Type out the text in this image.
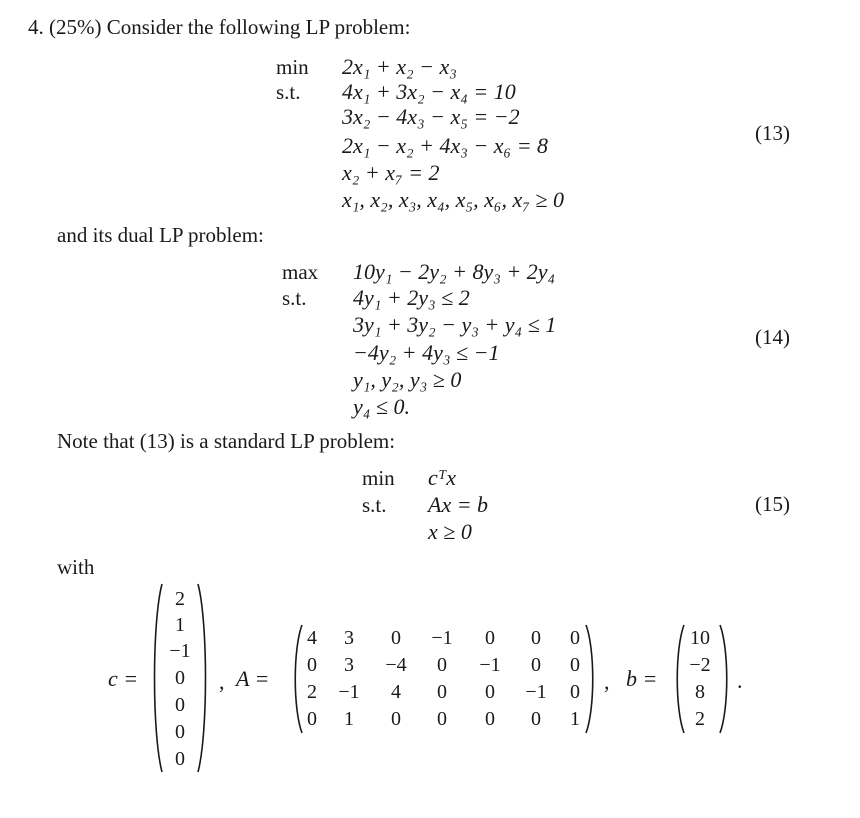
4. (25%) Consider the following LP problem:
min
s.t.
2x₁ + x₂ − x₃
4x₁ + 3x₂ − x₄ = 10
3x₂ − 4x₃ − x₅ = −2
2x₁ − x₂ + 4x₃ − x₆ = 8
x₂ + x₇ = 2
x₁, x₂, x₃, x₄, x₅, x₆, x₇ ≥ 0
(13)
and its dual LP problem:
max
s.t.
10y₁ − 2y₂ + 8y₃ + 2y₄
4y₁ + 2y₃ ≤ 2
3y₁ + 3y₂ − y₃ + y₄ ≤ 1
−4y₂ + 4y₃ ≤ −1
y₁, y₂, y₃ ≥ 0
y₄ ≤ 0.
(14)
Note that (13) is a standard LP problem:
min
s.t.
cᵀx
Ax = b
x ≥ 0
(15)
with
c =
2
1
−1
0
0
0
0
, A =
4	3	0	−1	0	0	0
0	3	−4	0	−1	0	0
2	−1	4	0	0	−1	0
0	1	0	0	0	0	1
, b =
10
−2
8
2
.
